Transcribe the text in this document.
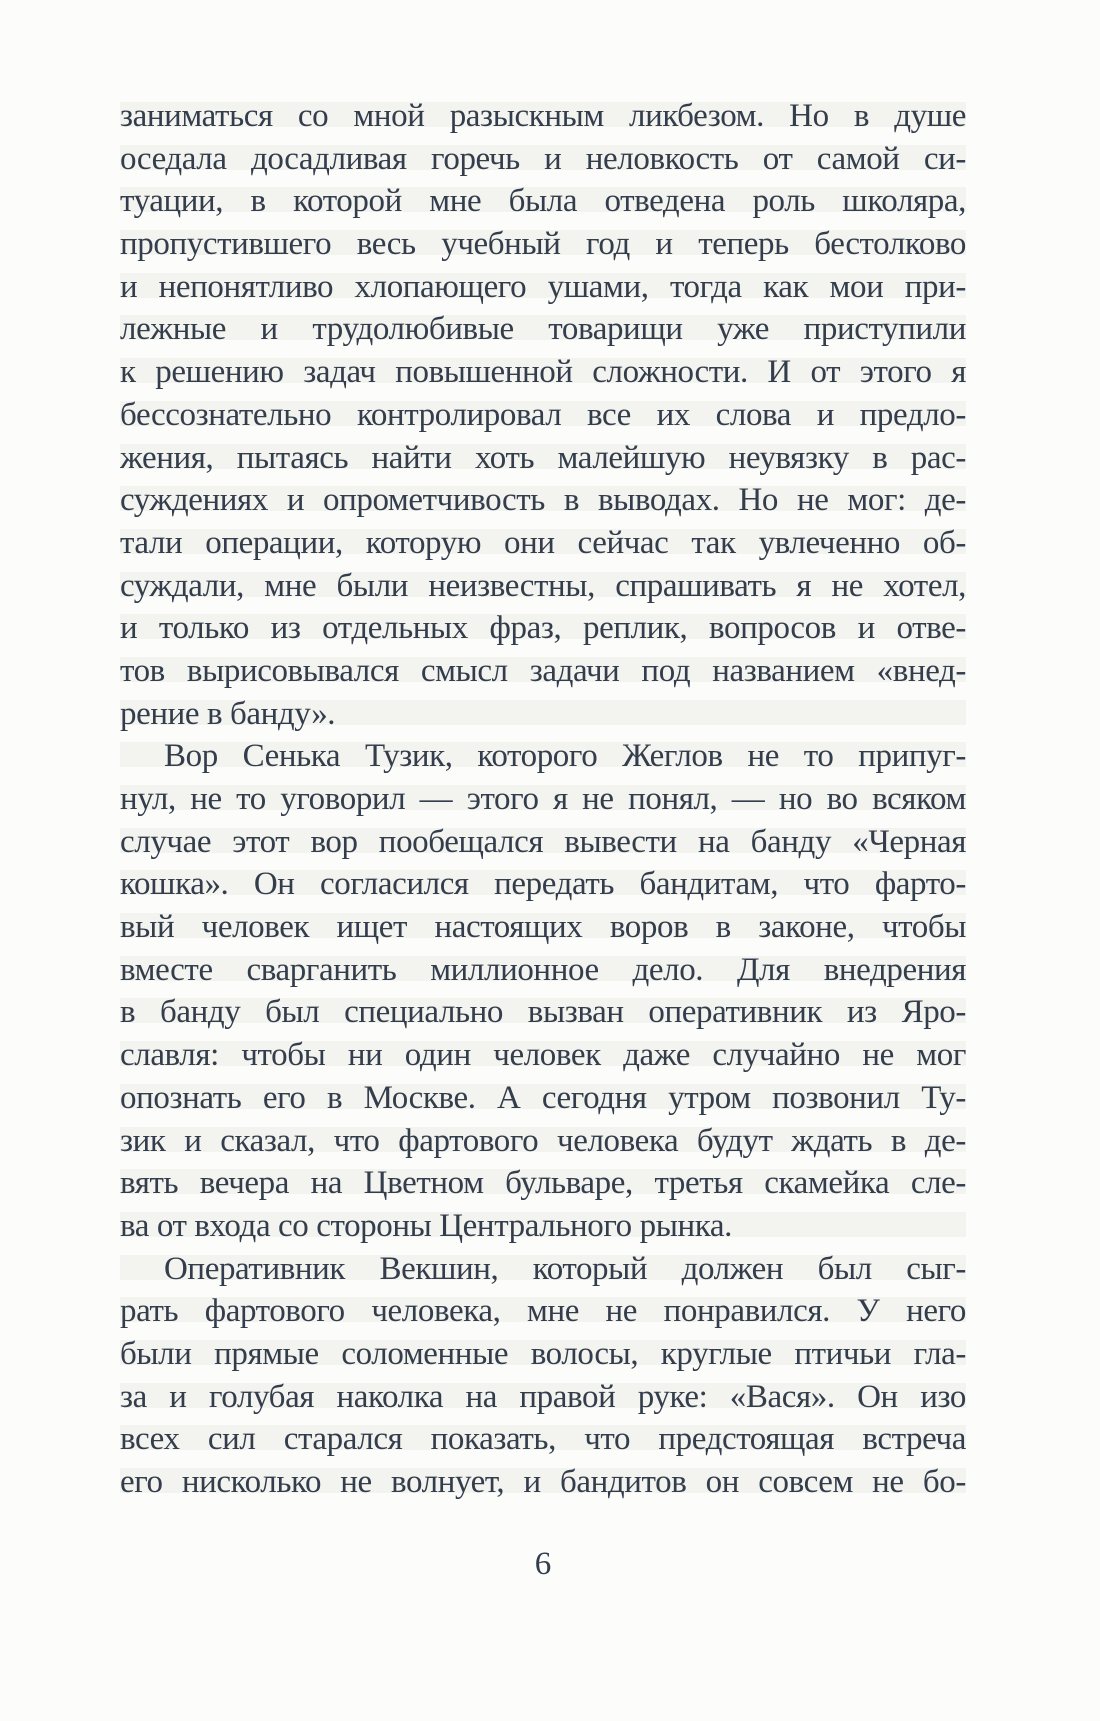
заниматься со мной разыскным ликбезом. Но в душе
оседала досадливая горечь и неловкость от самой си-
туации, в которой мне была отведена роль школяра,
пропустившего весь учебный год и теперь бестолково
и непонятливо хлопающего ушами, тогда как мои при-
лежные и трудолюбивые товарищи уже приступили
к решению задач повышенной сложности. И от этого я
бессознательно контролировал все их слова и предло-
жения, пытаясь найти хоть малейшую неувязку в рас-
суждениях и опрометчивость в выводах. Но не мог: де-
тали операции, которую они сейчас так увлеченно об-
суждали, мне были неизвестны, спрашивать я не хотел,
и только из отдельных фраз, реплик, вопросов и отве-
тов вырисовывался смысл задачи под названием «внед-
рение в банду».
Вор Сенька Тузик, которого Жеглов не то припуг-
нул, не то уговорил — этого я не понял, — но во всяком
случае этот вор пообещался вывести на банду «Черная
кошка». Он согласился передать бандитам, что фарто-
вый человек ищет настоящих воров в законе, чтобы
вместе сварганить миллионное дело. Для внедрения
в банду был специально вызван оперативник из Яро-
славля: чтобы ни один человек даже случайно не мог
опознать его в Москве. А сегодня утром позвонил Ту-
зик и сказал, что фартового человека будут ждать в де-
вять вечера на Цветном бульваре, третья скамейка сле-
ва от входа со стороны Центрального рынка.
Оперативник Векшин, который должен был сыг-
рать фартового человека, мне не понравился. У него
были прямые соломенные волосы, круглые птичьи гла-
за и голубая наколка на правой руке: «Вася». Он изо
всех сил старался показать, что предстоящая встреча
его нисколько не волнует, и бандитов он совсем не бо-
6
